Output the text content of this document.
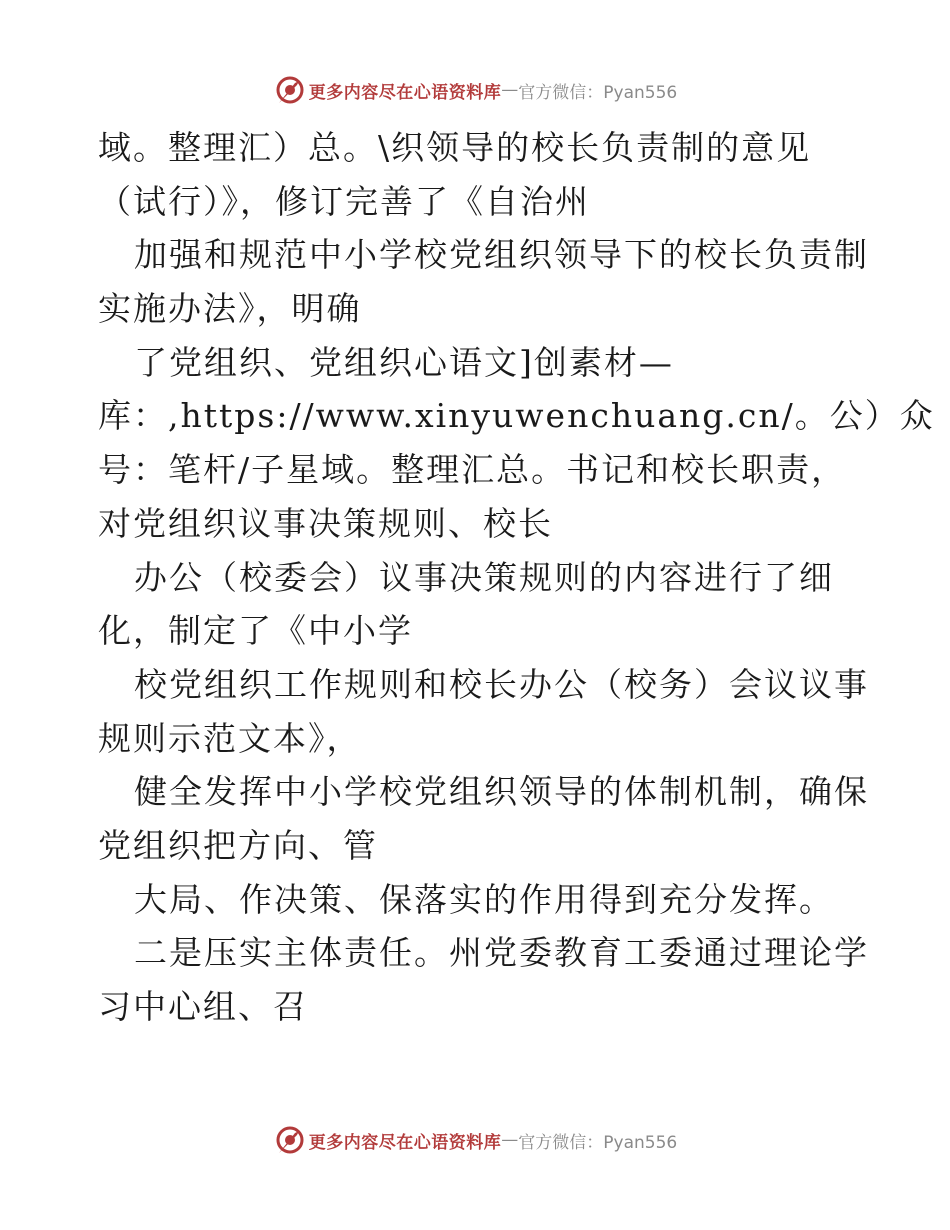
更多内容尽在心语资料库 — 官方微信：Pyan556
域。整理汇）总。\织领导的校长负责制的意见
（试行）》，修订完善了《自治州
加强和规范中小学校党组织领导下的校长负责制
实施办法》，明确
了党组织、党组织心语文]创素材—
库：,https://www.xinyuwenchuang.cn/。公）众
号：笔杆/子星域。整理汇总。书记和校长职责，
对党组织议事决策规则、校长
办公（校委会）议事决策规则的内容进行了细
化，制定了《中小学
校党组织工作规则和校长办公（校务）会议议事
规则示范文本》，
健全发挥中小学校党组织领导的体制机制，确保
党组织把方向、管
大局、作决策、保落实的作用得到充分发挥。
二是压实主体责任。州党委教育工委通过理论学
习中心组、召
更多内容尽在心语资料库 — 官方微信：Pyan556
